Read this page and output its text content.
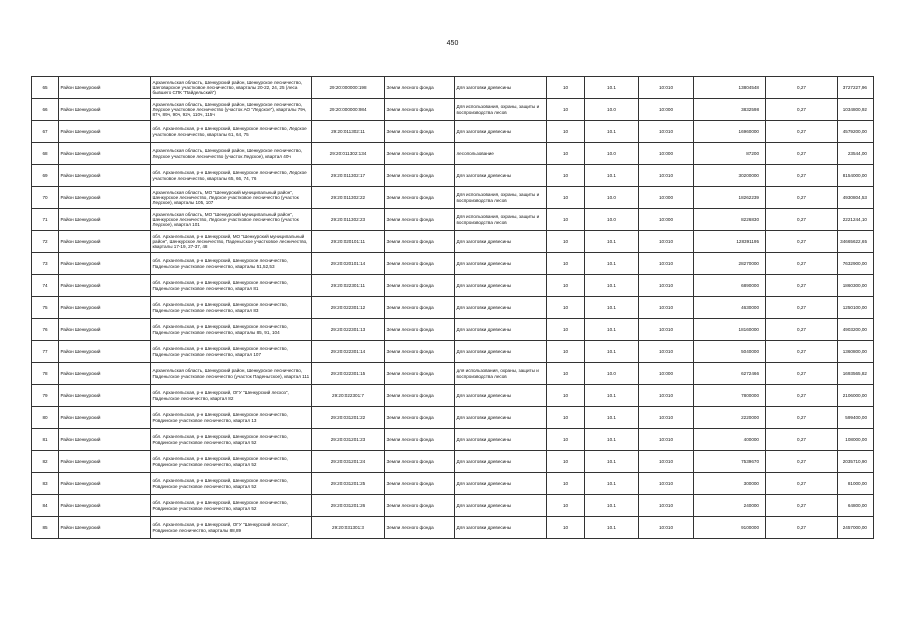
450
65	Район Шенкурский	Архангельская область, Шенкурский район, Шенкурское лесничество, Шеговарское участковое лесничество, кварталы 20-22, 24, 25 (леса бывшего СПК "Пайдельский")	29:20:000000:198	Земли лесного фонда	Для заготовки древесины	10	10.1	10:010	13804548	0,27	3727227,96
66	Район Шенкурский	Архангельская область, Шенкурский район, Шенкурское лесничество, Ледское участковое лесничество (участок АО "Ледское"), кварталы 79ч, 87ч, 89ч, 90ч, 92ч, 110ч, 115ч	29:20:000000:984	Земли лесного фонда	Для использования, охраны, защиты и воспроизводства лесов	10	10.0	10:000	3832598	0,27	1034800,92
67	Район Шенкурский	обл. Архангельская, р-н Шенкурский, Шенкурское лесничество, Ледское участковое лесничество, кварталы 61, 64, 75	29:20:011302:11	Земли лесного фонда	Для заготовки древесины	10	10.1	10:010	16960000	0,27	4579200,00
68	Район Шенкурский	Архангельская область, Шенкурский район, Шенкурское лесничество, Ледское участковое лесничество (участок Ледское), квартал 40ч	29:20:011302:134	Земли лесного фонда	лесопользование	10	10.0	10:000	87200	0,27	23544,00
69	Район Шенкурский	обл. Архангельская, р-н Шенкурский, Шенкурское лесничество, Ледское участковое лесничество, кварталы 65, 66, 74, 76	29:20:011302:17	Земли лесного фонда	Для заготовки древесины	10	10.1	10:010	30200000	0,27	8154000,00
70	Район Шенкурский	Архангельская область, МО "Шенкурский муниципальный район", Шенкурское лесничество, Ледское участковое лесничество (участок Ледское), кварталы 105, 107	29:20:011302:22	Земли лесного фонда	Для использования, охраны, защиты и воспроизводства лесов	10	10.0	10:000	18262239	0,27	4930804,53
71	Район Шенкурский	Архангельская область, МО "Шенкурский муниципальный район", Шенкурское лесничество, Ледское участковое лесничество (участок Ледское), квартал 101	29:20:011302:23	Земли лесного фонда	Для использования, охраны, защиты и воспроизводства лесов	10	10.0	10:000	8226830	0,27	2221244,10
72	Район Шенкурский	обл. Архангельская, р-н Шенкурский, МО "Шенкурский муниципальный район", Шенкурское лесничество, Паденьгское участковое лесничество, кварталы 17-19, 27-37, 48	29:20:020101:11	Земли лесного фонда	Для заготовки древесины	10	10.1	10:010	128391195	0,27	34665622,65
73	Район Шенкурский	обл. Архангельская, р-н Шенкурский, Шенкурское лесничество, Паденьгское участковое лесничество, кварталы 51,52,53	29:20:020101:14	Земли лесного фонда	Для заготовки древесины	10	10.1	10:010	28270000	0,27	7632900,00
74	Район Шенкурский	обл. Архангельская, р-н Шенкурский, Шенкурское лесничество, Паденьгское участковое лесничество, квартал 81	29:20:022301:11	Земли лесного фонда	Для заготовки древесины	10	10.1	10:010	6890000	0,27	1860300,00
75	Район Шенкурский	обл. Архангельская, р-н Шенкурский, Шенкурское лесничество, Паденьгское участковое лесничество, квартал 83	29:20:022301:12	Земли лесного фонда	Для заготовки древесины	10	10.1	10:010	4630000	0,27	1250100,00
76	Район Шенкурский	обл. Архангельская, р-н Шенкурский, Шенкурское лесничество, Паденьгское участковое лесничество, кварталы 85, 91, 104	29:20:022301:13	Земли лесного фонда	Для заготовки древесины	10	10.1	10:010	18160000	0,27	4903200,00
77	Район Шенкурский	обл. Архангельская, р-н Шенкурский, Шенкурское лесничество, Паденьгское участковое лесничество, квартал 107	29:20:022301:14	Земли лесного фонда	Для заготовки древесины	10	10.1	10:010	5040000	0,27	1360800,00
78	Район Шенкурский	Архангельская область, Шенкурский район, Шенкурское лесничество, Паденьгское участковое лесничество (участок Паденьгское), квартал 111	29:20:022301:15	Земли лесного фонда	для использования, охраны, защиты и воспроизводства лесов	10	10.0	10:000	6272466	0,27	1693565,82
79	Район Шенкурский	обл. Архангельская, р-н Шенкурский, ОГУ "Шенкурский лесхоз", Паденьгское лесничество, квартал 82	29:20:022301:7	Земли лесного фонда	Для заготовки древесины	10	10.1	10:010	7800000	0,27	2106000,00
80	Район Шенкурский	обл. Архангельская, р-н Шенкурский, Шенкурское лесничество, Ровдинское участковое лесничество, квартал 13	29:20:031201:22	Земли лесного фонда	Для заготовки древесины	10	10.1	10:010	2220000	0,27	599400,00
81	Район Шенкурский	обл. Архангельская, р-н Шенкурский, Шенкурское лесничество, Ровдинское участковое лесничество, квартал 52	29:20:031201:23	Земли лесного фонда	Для заготовки древесины	10	10.1	10:010	400000	0,27	108000,00
82	Район Шенкурский	обл. Архангельская, р-н Шенкурский, Шенкурское лесничество, Ровдинское участковое лесничество, квартал 52	29:20:031201:24	Земли лесного фонда	Для заготовки древесины	10	10.1	10:010	7539670	0,27	2035710,90
83	Район Шенкурский	обл. Архангельская, р-н Шенкурский, Шенкурское лесничество, Ровдинское участковое лесничество, квартал 52	29:20:031201:25	Земли лесного фонда	Для заготовки древесины	10	10.1	10:010	300000	0,27	81000,00
84	Район Шенкурский	обл. Архангельская, р-н Шенкурский, Шенкурское лесничество, Ровдинское участковое лесничество, квартал 52	29:20:031201:26	Земли лесного фонда	Для заготовки древесины	10	10.1	10:010	240000	0,27	64800,00
85	Район Шенкурский	обл. Архангельская, р-н Шенкурский, ОГУ "Шенкурский лесхоз", Ровдинское лесничество, кварталы 88,89	29:20:031301:3	Земли лесного фонда	Для заготовки древесины	10	10.1	10:010	9100000	0,27	2457000,00
